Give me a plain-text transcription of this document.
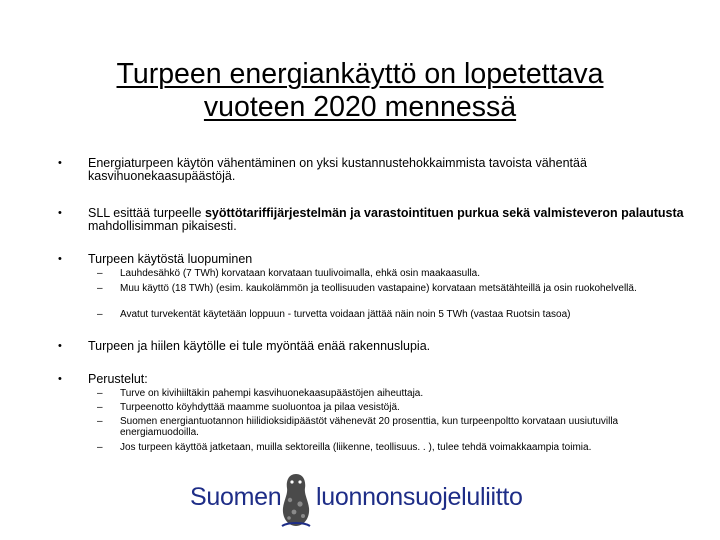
Turpeen energiankäyttö on lopetettava
vuoteen 2020 mennessä
• Energiaturpeen käytön vähentäminen on yksi kustannustehokkaimmista tavoista vähentää kasvihuonekaasupäästöjä.
• SLL esittää turpeelle syöttötariffijärjestelmän ja varastointituen purkua sekä valmisteveron palautusta mahdollisimman pikaisesti.
• Turpeen käytöstä luopuminen
– Lauhdesähkö (7 TWh) korvataan korvataan tuulivoimalla, ehkä osin maakaasulla.
– Muu käyttö (18 TWh) (esim. kaukolämmön ja teollisuuden vastapaine) korvataan metsätähteillä ja osin ruokohelvellä.
– Avatut turvekentät käytetään loppuun - turvetta voidaan jättää näin noin 5 TWh (vastaa Ruotsin tasoa)
• Turpeen ja hiilen käytölle ei tule myöntää enää rakennuslupia.
• Perustelut:
– Turve on kivihiiltäkin pahempi kasvihuonekaasupäästöjen aiheuttaja.
– Turpeenotto köyhdyttää maamme suoluontoa ja pilaa vesistöjä.
– Suomen energiantuotannon hiilidioksidipäästöt vähenevät 20 prosenttia, kun turpeenpoltto korvataan uusiutuvilla energiamuodoilla.
– Jos turpeen käyttöä jatketaan, muilla sektoreilla (liikenne, teollisuus. . ), tulee tehdä voimakkaampia toimia.
Suomen luonnonsuojeluliitto
